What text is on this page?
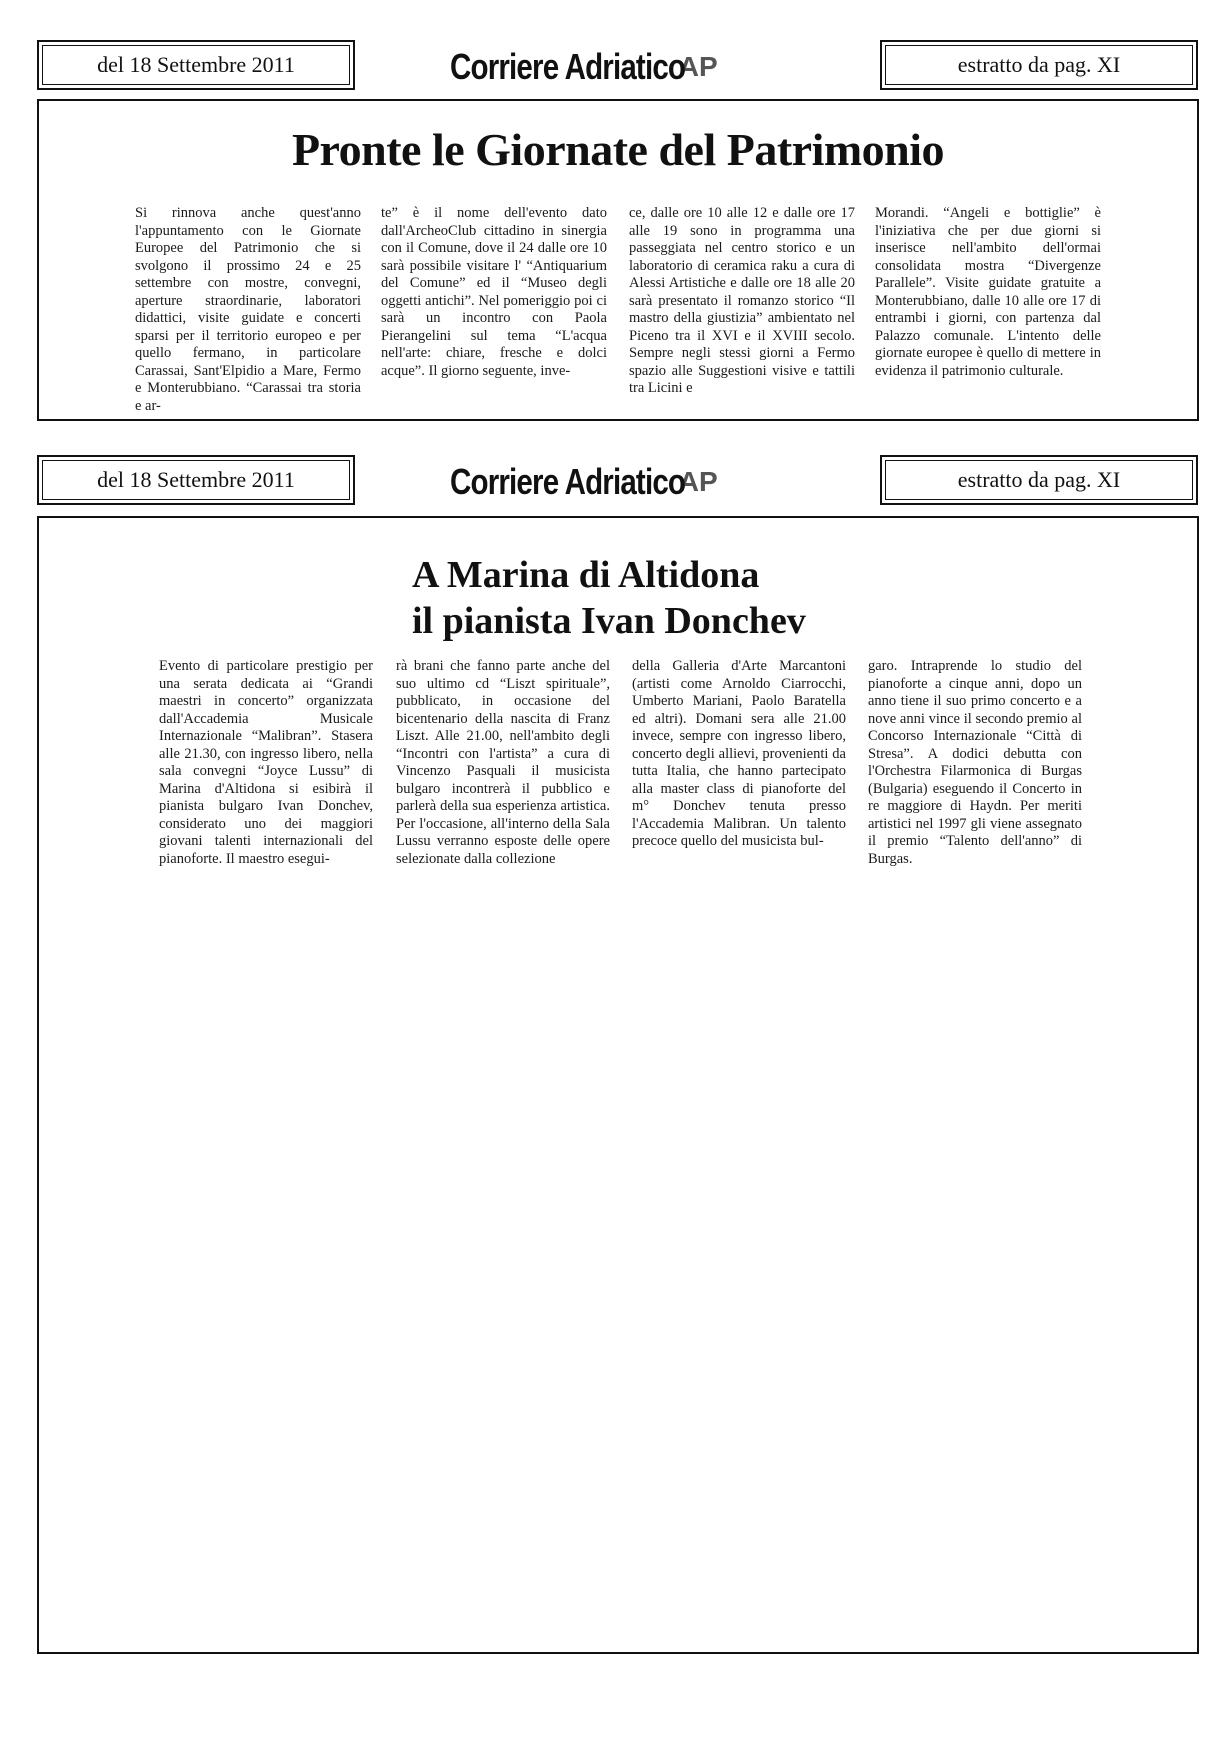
del 18 Settembre 2011	Corriere Adriatico
AP	estratto da pag. XI
Pronte le Giornate del Patrimonio
Si rinnova anche quest'anno l'appuntamento con le Giornate Europee del Patrimonio che si svolgono il prossimo 24 e 25 settembre con mostre, convegni, aperture straordinarie, laboratori didattici, visite guidate e concerti sparsi per il territorio europeo e per quello fermano, in particolare Carassai, Sant'Elpidio a Mare, Fermo e Monterubbiano. “Carassai tra storia e ar-
te” è il nome dell'evento dato dall'ArcheoClub cittadino in sinergia con il Comune, dove il 24 dalle ore 10 sarà possibile visitare l' “Antiquarium del Comune” ed il “Museo degli oggetti antichi”. Nel pomeriggio poi ci sarà un incontro con Paola Pierangelini sul tema “L'acqua nell'arte: chiare, fresche e dolci acque”. Il giorno seguente, inve-
ce, dalle ore 10 alle 12 e dalle ore 17 alle 19 sono in programma una passeggiata nel centro storico e un laboratorio di ceramica raku a cura di Alessi Artistiche e dalle ore 18 alle 20 sarà presentato il romanzo storico “Il mastro della giustizia” ambientato nel Piceno tra il XVI e il XVIII secolo. Sempre negli stessi giorni a Fermo spazio alle Suggestioni visive e tattili tra Licini e
Morandi. “Angeli e bottiglie” è l'iniziativa che per due giorni si inserisce nell'ambito dell'ormai consolidata mostra “Divergenze Parallele”. Visite guidate gratuite a Monterubbiano, dalle 10 alle ore 17 di entrambi i giorni, con partenza dal Palazzo comunale. L'intento delle giornate europee è quello di mettere in evidenza il patrimonio culturale.
del 18 Settembre 2011	Corriere Adriatico
AP	estratto da pag. XI
A Marina di Altidona
il pianista Ivan Donchev
Evento di particolare prestigio per una serata dedicata ai “Grandi maestri in concerto” organizzata dall'Accademia Musicale Internazionale “Malibran”. Stasera alle 21.30, con ingresso libero, nella sala convegni “Joyce Lussu” di Marina d'Altidona si esibirà il pianista bulgaro Ivan Donchev, considerato uno dei maggiori giovani talenti internazionali del pianoforte. Il maestro esegui-
rà brani che fanno parte anche del suo ultimo cd “Liszt spirituale”, pubblicato, in occasione del bicentenario della nascita di Franz Liszt. Alle 21.00, nell'ambito degli “Incontri con l'artista” a cura di Vincenzo Pasquali il musicista bulgaro incontrerà il pubblico e parlerà della sua esperienza artistica. Per l'occasione, all'interno della Sala Lussu verranno esposte delle opere selezionate dalla collezione
della Galleria d'Arte Marcantoni (artisti come Arnoldo Ciarrocchi, Umberto Mariani, Paolo Baratella ed altri). Domani sera alle 21.00 invece, sempre con ingresso libero, concerto degli allievi, provenienti da tutta Italia, che hanno partecipato alla master class di pianoforte del m° Donchev tenuta presso l'Accademia Malibran. Un talento precoce quello del musicista bul-
garo. Intraprende lo studio del pianoforte a cinque anni, dopo un anno tiene il suo primo concerto e a nove anni vince il secondo premio al Concorso Internazionale “Città di Stresa”. A dodici debutta con l'Orchestra Filarmonica di Burgas (Bulgaria) eseguendo il Concerto in re maggiore di Haydn. Per meriti artistici nel 1997 gli viene assegnato il premio “Talento dell'anno” di Burgas.
